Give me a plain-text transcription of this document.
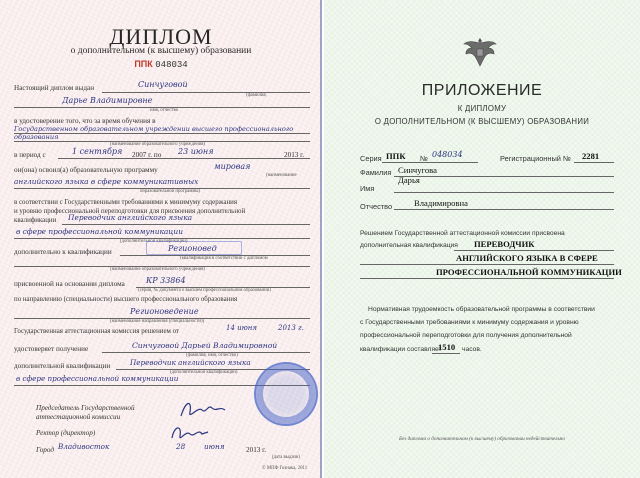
ДИПЛОМ
о дополнительном (к высшему) образовании
ППК 048034
Настоящий диплом выдан	Синчуговой
(фамилия,
Дарье Владимировне
имя, отчество
в удостоверение того, что за время обучения в
Государственном образовательном учреждении высшего профессионального образования
(наименование образовательного учреждения)
в период с	1 сентября 2007 г. по 23 июня	2013 г.
он(она) освоил(а) образовательную программу	мировая
(наименование
английского языка в сфере коммуникативных
образовательной программы)
в соответствии с Государственными требованиями к минимуму содержания
и уровню профессиональной переподготовки для присвоения дополнительной
квалификации Переводчик английского языка
в сфере профессиональной коммуникации
(дополнительной квалификации)
дополнительно к квалификации	Регионовед
(квалификация в соответствии с дипломом
(наименование образовательного учреждения)
присвоенной на основании диплома	КР 33864
(серия, № документа о высшем профессиональном образовании)
по направлению (специальности) высшего профессионального образования
Регионоведение
(наименование направления (специальности))
Государственная аттестационная комиссия решением от	14 июня	2013 г.
удостоверяет получение	Синчуговой Дарьей Владимировной
(фамилия, имя, отчество)
дополнительной квалификации	Переводчик английского языка
(дополнительной квалификации)
в сфере профессиональной коммуникации
Председатель Государственной
аттестационной комиссии
Ректор (директор)
Город Владивосток	28	июня	2013 г.
(дата выдачи)
© МПФ Гознака, 2011
ПРИЛОЖЕНИЕ
К ДИПЛОМУ
О ДОПОЛНИТЕЛЬНОМ (К ВЫСШЕМУ) ОБРАЗОВАНИИ
Серия ППК № 048034	Регистрационный № 2281
Фамилия Синчугова
Дарья
Имя
Отчество	Владимировна
Решением Государственной аттестационной комиссии присвоена
дополнительная квалификация ПЕРЕВОДЧИК
АНГЛИЙСКОГО ЯЗЫКА В СФЕРЕ
ПРОФЕССИОНАЛЬНОЙ КОММУНИКАЦИИ
Нормативная трудоемкость образовательной программы в соответствии
с Государственными требованиями к минимуму содержания и уровню
профессиональной переподготовки для получения дополнительной
квалификации составляет
1510 часов.
Без диплома о дополнительном (к высшему) образовании недействительно
